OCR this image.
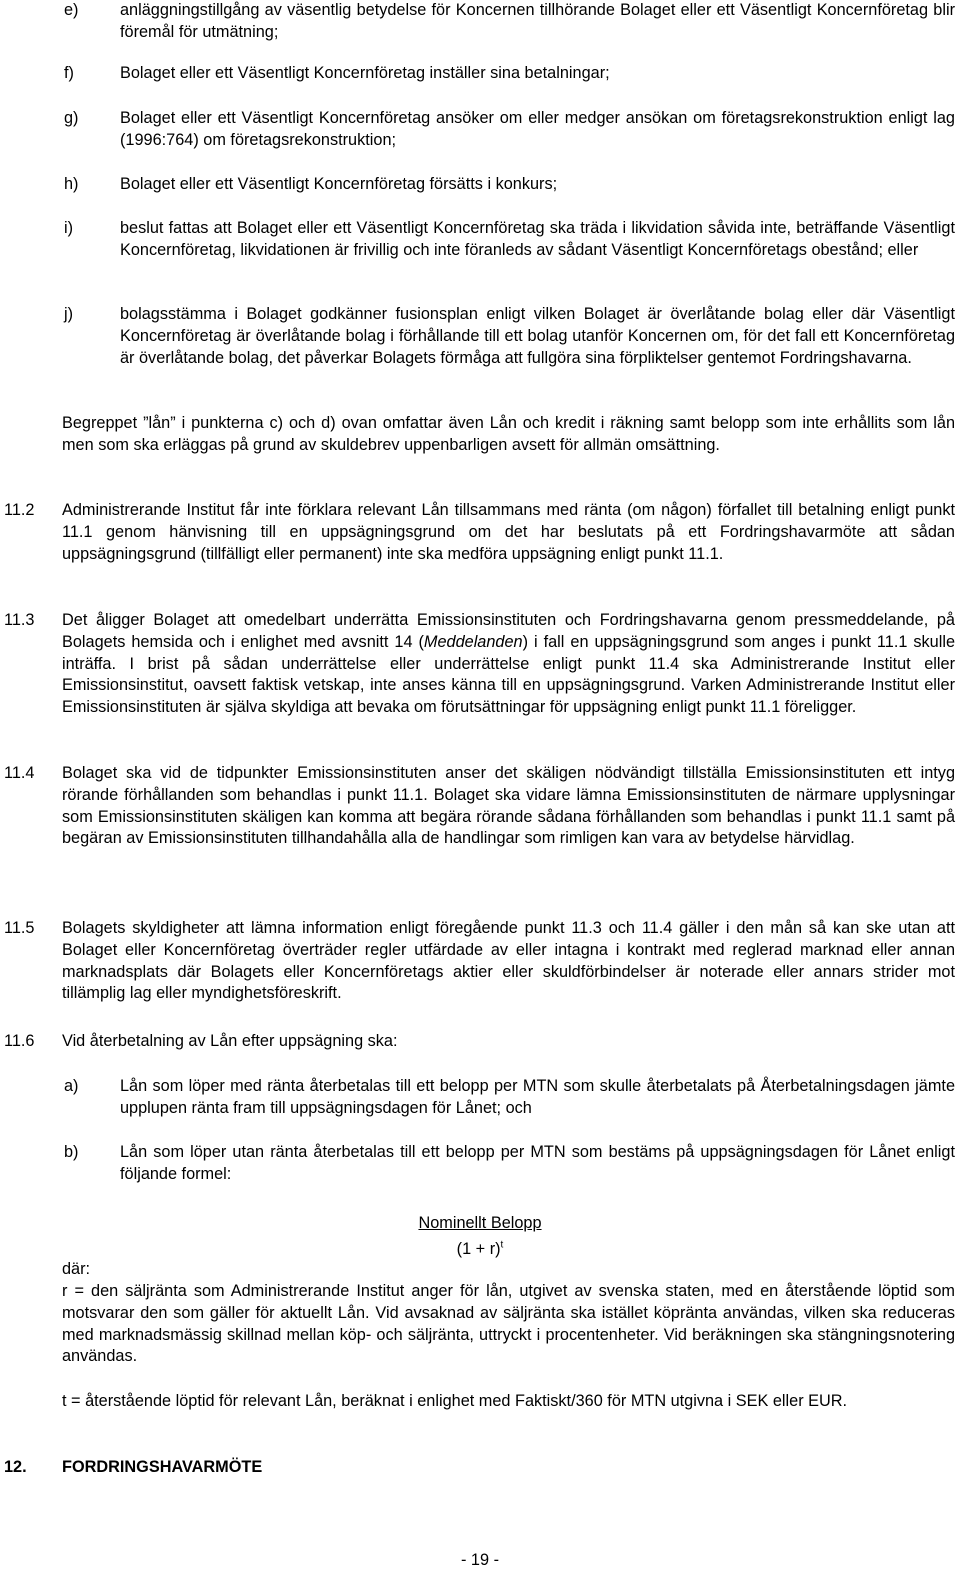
e)	anläggningstillgång av väsentlig betydelse för Koncernen tillhörande Bolaget eller ett Väsentligt Koncernföretag blir föremål för utmätning;
f)	Bolaget eller ett Väsentligt Koncernföretag inställer sina betalningar;
g)	Bolaget eller ett Väsentligt Koncernföretag ansöker om eller medger ansökan om företagsrekonstruktion enligt lag (1996:764) om företagsrekonstruktion;
h)	Bolaget eller ett Väsentligt Koncernföretag försätts i konkurs;
i)	beslut fattas att Bolaget eller ett Väsentligt Koncernföretag ska träda i likvidation såvida inte, beträffande Väsentligt Koncernföretag, likvidationen är frivillig och inte föranleds av sådant Väsentligt Koncernföretags obestånd; eller
j)	bolagsstämma i Bolaget godkänner fusionsplan enligt vilken Bolaget är överlåtande bolag eller där Väsentligt Koncernföretag är överlåtande bolag i förhållande till ett bolag utanför Koncernen om, för det fall ett Koncernföretag är överlåtande bolag, det påverkar Bolagets förmåga att fullgöra sina förpliktelser gentemot Fordringshavarna.
Begreppet ”lån” i punkterna c) och d) ovan omfattar även Lån och kredit i räkning samt belopp som inte erhållits som lån men som ska erläggas på grund av skuldebrev uppenbarligen avsett för allmän omsättning.
11.2 Administrerande Institut får inte förklara relevant Lån tillsammans med ränta (om någon) förfallet till betalning enligt punkt 11.1 genom hänvisning till en uppsägningsgrund om det har beslutats på ett Fordringshavarmöte att sådan uppsägningsgrund (tillfälligt eller permanent) inte ska medföra uppsägning enligt punkt 11.1.
11.3 Det åligger Bolaget att omedelbart underrätta Emissionsinstituten och Fordringshavarna genom pressmeddelande, på Bolagets hemsida och i enlighet med avsnitt 14 (Meddelanden) i fall en uppsägningsgrund som anges i punkt 11.1 skulle inträffa. I brist på sådan underrättelse eller underrättelse enligt punkt 11.4 ska Administrerande Institut eller Emissionsinstitut, oavsett faktisk vetskap, inte anses känna till en uppsägningsgrund. Varken Administrerande Institut eller Emissionsinstituten är själva skyldiga att bevaka om förutsättningar för uppsägning enligt punkt 11.1 föreligger.
11.4 Bolaget ska vid de tidpunkter Emissionsinstituten anser det skäligen nödvändigt tillställa Emissionsinstituten ett intyg rörande förhållanden som behandlas i punkt 11.1. Bolaget ska vidare lämna Emissionsinstituten de närmare upplysningar som Emissionsinstituten skäligen kan komma att begära rörande sådana förhållanden som behandlas i punkt 11.1 samt på begäran av Emissionsinstituten tillhandahålla alla de handlingar som rimligen kan vara av betydelse härvidlag.
11.5 Bolagets skyldigheter att lämna information enligt föregående punkt 11.3 och 11.4 gäller i den mån så kan ske utan att Bolaget eller Koncernföretag överträder regler utfärdade av eller intagna i kontrakt med reglerad marknad eller annan marknadsplats där Bolagets eller Koncernföretags aktier eller skuldförbindelser är noterade eller annars strider mot tillämplig lag eller myndighetsföreskrift.
11.6 Vid återbetalning av Lån efter uppsägning ska:
a)	Lån som löper med ränta återbetalas till ett belopp per MTN som skulle återbetalats på Återbetalningsdagen jämte upplupen ränta fram till uppsägningsdagen för Lånet; och
b)	Lån som löper utan ränta återbetalas till ett belopp per MTN som bestäms på uppsägningsdagen för Lånet enligt följande formel:
Nominellt Belopp
$(1 + r)^t$
där:
r = den säljränta som Administrerande Institut anger för lån, utgivet av svenska staten, med en återstående löptid som motsvarar den som gäller för aktuellt Lån. Vid avsaknad av säljränta ska istället köpränta användas, vilken ska reduceras med marknadsmässig skillnad mellan köp- och säljränta, uttryckt i procentenheter. Vid beräkningen ska stängningsnotering användas.
t = återstående löptid för relevant Lån, beräknat i enlighet med Faktiskt/360 för MTN utgivna i SEK eller EUR.
12. FORDRINGSHAVARMÖTE
- 19 -
